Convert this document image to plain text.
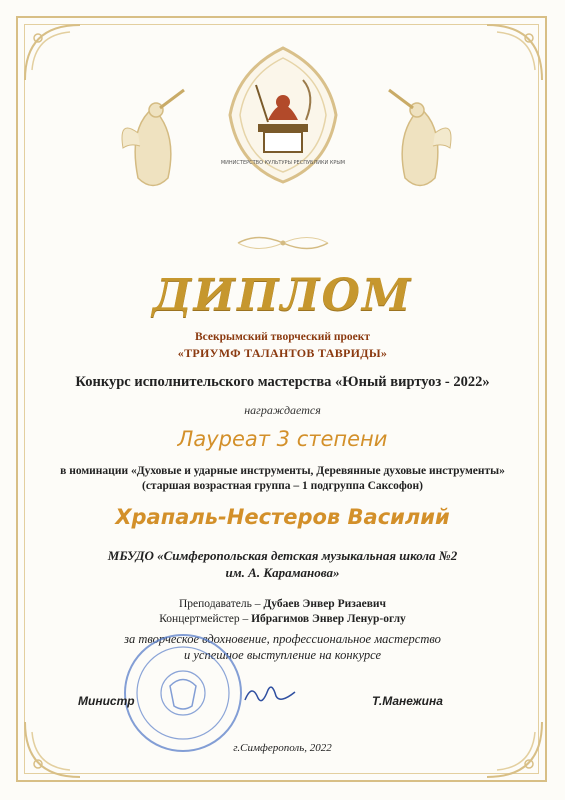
МИНИСТЕРСТВО КУЛЬТУРЫ РЕСПУБЛИКИ КРЫМ
ДИПЛОМ
Всекрымский творческий проект
«ТРИУМФ ТАЛАНТОВ ТАВРИДЫ»
Конкурс исполнительского мастерства «Юный виртуоз - 2022»
награждается
Лауреат 3 степени
в номинации «Духовые и ударные инструменты, Деревянные духовые инструменты»
(старшая возрастная группа – 1 подгруппа Саксофон)
Храпаль-Нестеров Василий
МБУДО «Симферопольская детская музыкальная школа №2
им. А. Караманова»
Преподаватель – Дубаев Энвер Ризаевич
Концертмейстер – Ибрагимов Энвер Ленур-оглу
за творческое вдохновение, профессиональное мастерство
и успешное выступление на конкурсе
Министр	Т.Манежина
г.Симферополь, 2022
